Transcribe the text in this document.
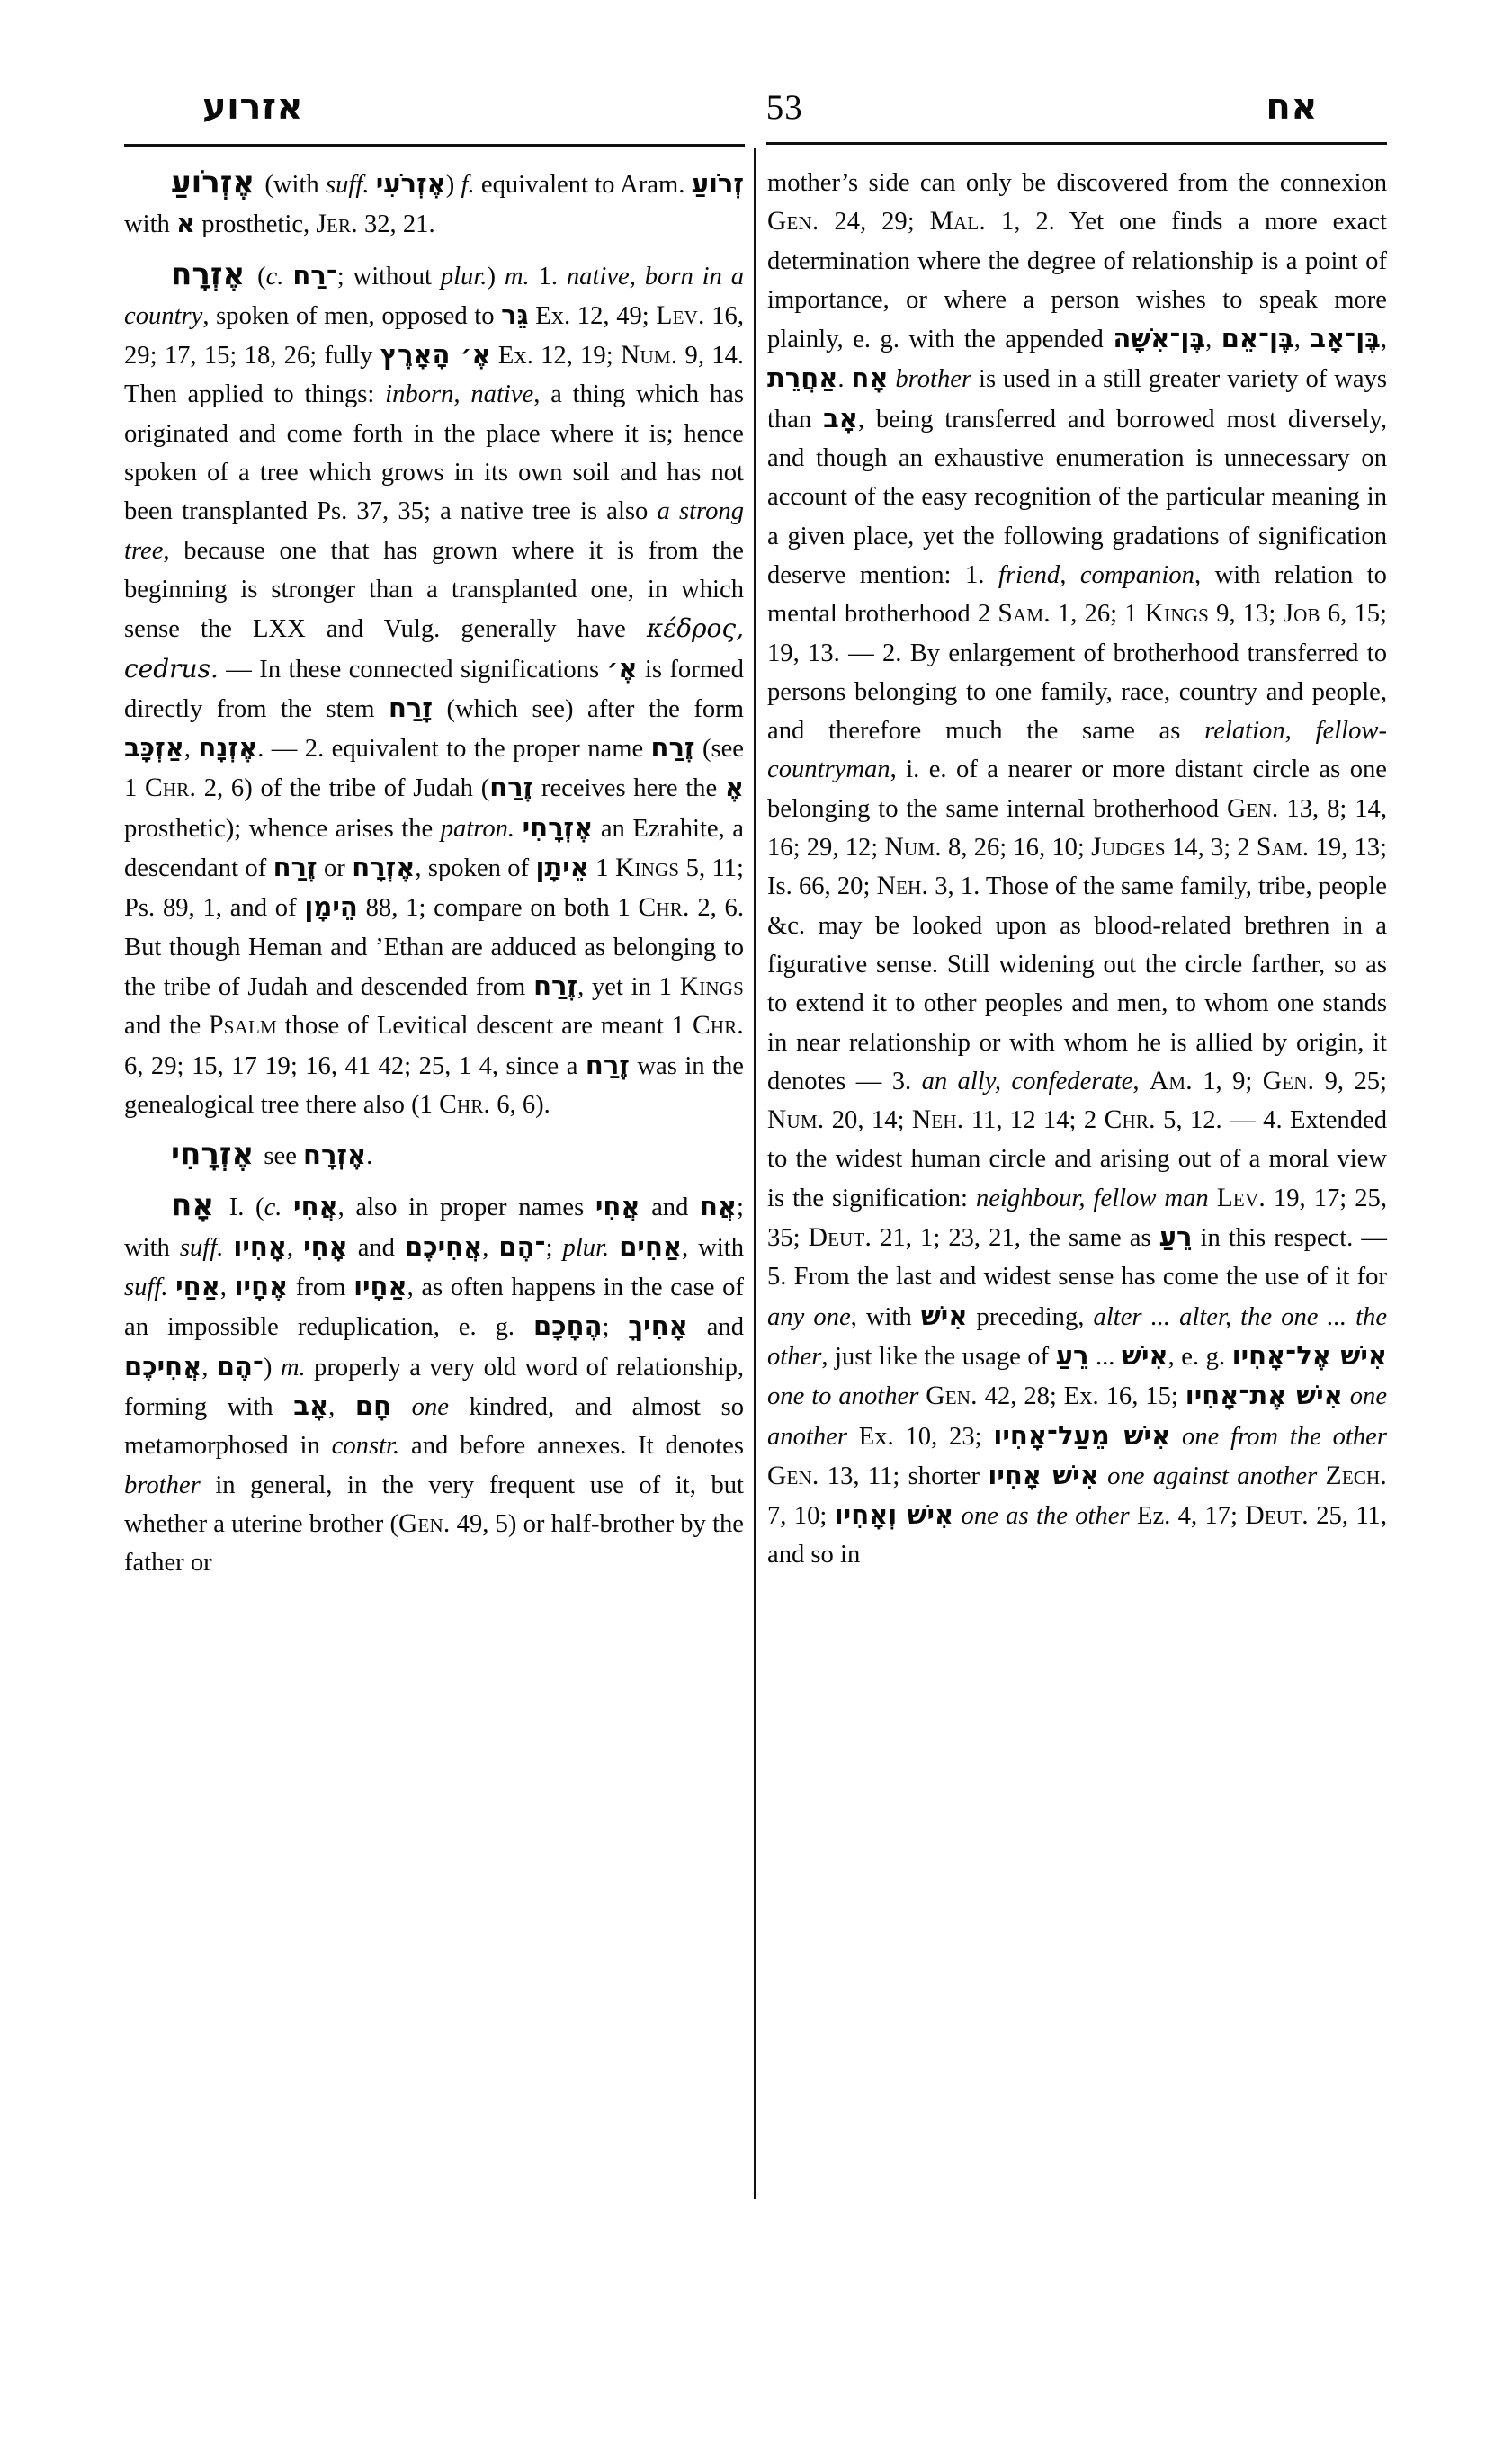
אזרוע	53	אח

אֶזְרֹועַ (with suff. אֶזְרֹעִי) f. equivalent to Aram. זְרֹועַ with א prosthetic, Jer. 32, 21.

אֶזְרָח (c. ־רַח; without plur.) m. 1. native, born in a country, spoken of men, opposed to גֵּר Ex. 12, 49; Lev. 16, 29; 17, 15; 18, 26; fully אֶ׳ הָאָרֶץ Ex. 12, 19; Num. 9, 14. Then applied to things: inborn, native, a thing which has originated and come forth in the place where it is; hence spoken of a tree which grows in its own soil and has not been transplanted Ps. 37, 35; a native tree is also a strong tree, because one that has grown where it is from the beginning is stronger than a transplanted one, in which sense the LXX and Vulg. generally have κέδρος, cedrus. — In these connected significations אֶ׳ is formed directly from the stem זָרַח (which see) after the form אַזְכָּב, אֶזְנָח. — 2. equivalent to the proper name זֶרַח (see 1 Chr. 2, 6) of the tribe of Judah (זֶרַח receives here the אֶ prosthetic); whence arises the patron. אֶזְרָחִי an Ezrahite, a descendant of זֶרַח or אֶזְרָח, spoken of אֵיתָן 1 Kings 5, 11; Ps. 89, 1, and of הֵימָן 88, 1; compare on both 1 Chr. 2, 6. But though Heman and ’Ethan are adduced as belonging to the tribe of Judah and descended from זֶרַח, yet in 1 Kings and the Psalm those of Levitical descent are meant 1 Chr. 6, 29; 15, 17 19; 16, 41 42; 25, 1 4, since a זֶרַח was in the genealogical tree there also (1 Chr. 6, 6).

אֶזְרָחִי see אֶזְרָח.

אָח I. (c. אֲחִי, also in proper names אֲחִי and אֲח; with suff. אָחִיו, אָחִי and אֲחִיכֶם, ־הֶם; plur. אַחִים, with suff. אַחַי, אֶחָיו from אַחָיו, as often happens in the case of an impossible reduplication, e. g. הֶחָכָם; אָחִיךָ and אֲחִיכֶם, ־הֶם) m. properly a very old word of relationship, forming with אָב, חָם one kindred, and almost so metamorphosed in constr. and before annexes. It denotes brother in general, in the very frequent use of it, but whether a uterine brother (Gen. 49, 5) or half-brother by the father or

mother’s side can only be discovered from the connexion Gen. 24, 29; Mal. 1, 2. Yet one finds a more exact determination where the degree of relationship is a point of importance, or where a person wishes to speak more plainly, e. g. with the appended בֶּן־אִשָּׁה, בֶּן־אֵם, בֶּן־אָב, אַחֲרֵת. אָח brother is used in a still greater variety of ways than אָב, being transferred and borrowed most diversely, and though an exhaustive enumeration is unnecessary on account of the easy recognition of the particular meaning in a given place, yet the following gradations of signification deserve mention: 1. friend, companion, with relation to mental brotherhood 2 Sam. 1, 26; 1 Kings 9, 13; Job 6, 15; 19, 13. — 2. By enlargement of brotherhood transferred to persons belonging to one family, race, country and people, and therefore much the same as relation, fellow-countryman, i. e. of a nearer or more distant circle as one belonging to the same internal brotherhood Gen. 13, 8; 14, 16; 29, 12; Num. 8, 26; 16, 10; Judges 14, 3; 2 Sam. 19, 13; Is. 66, 20; Neh. 3, 1. Those of the same family, tribe, people &c. may be looked upon as blood-related brethren in a figurative sense. Still widening out the circle farther, so as to extend it to other peoples and men, to whom one stands in near relationship or with whom he is allied by origin, it denotes — 3. an ally, confederate, Am. 1, 9; Gen. 9, 25; Num. 20, 14; Neh. 11, 12 14; 2 Chr. 5, 12. — 4. Extended to the widest human circle and arising out of a moral view is the signification: neighbour, fellow man Lev. 19, 17; 25, 35; Deut. 21, 1; 23, 21, the same as רֵעַ in this respect. — 5. From the last and widest sense has come the use of it for any one, with אִישׁ preceding, alter ... alter, the one ... the other, just like the usage of רֵעַ ... אִישׁ, e. g. אִישׁ אֶל־אָחִיו one to another Gen. 42, 28; Ex. 16, 15; אִישׁ אֶת־אָחִיו one another Ex. 10, 23; אִישׁ מֵעַל־אָחִיו one from the other Gen. 13, 11; shorter אִישׁ אָחִיו one against another Zech. 7, 10; אִישׁ וְאָחִיו one as the other Ez. 4, 17; Deut. 25, 11, and so in
